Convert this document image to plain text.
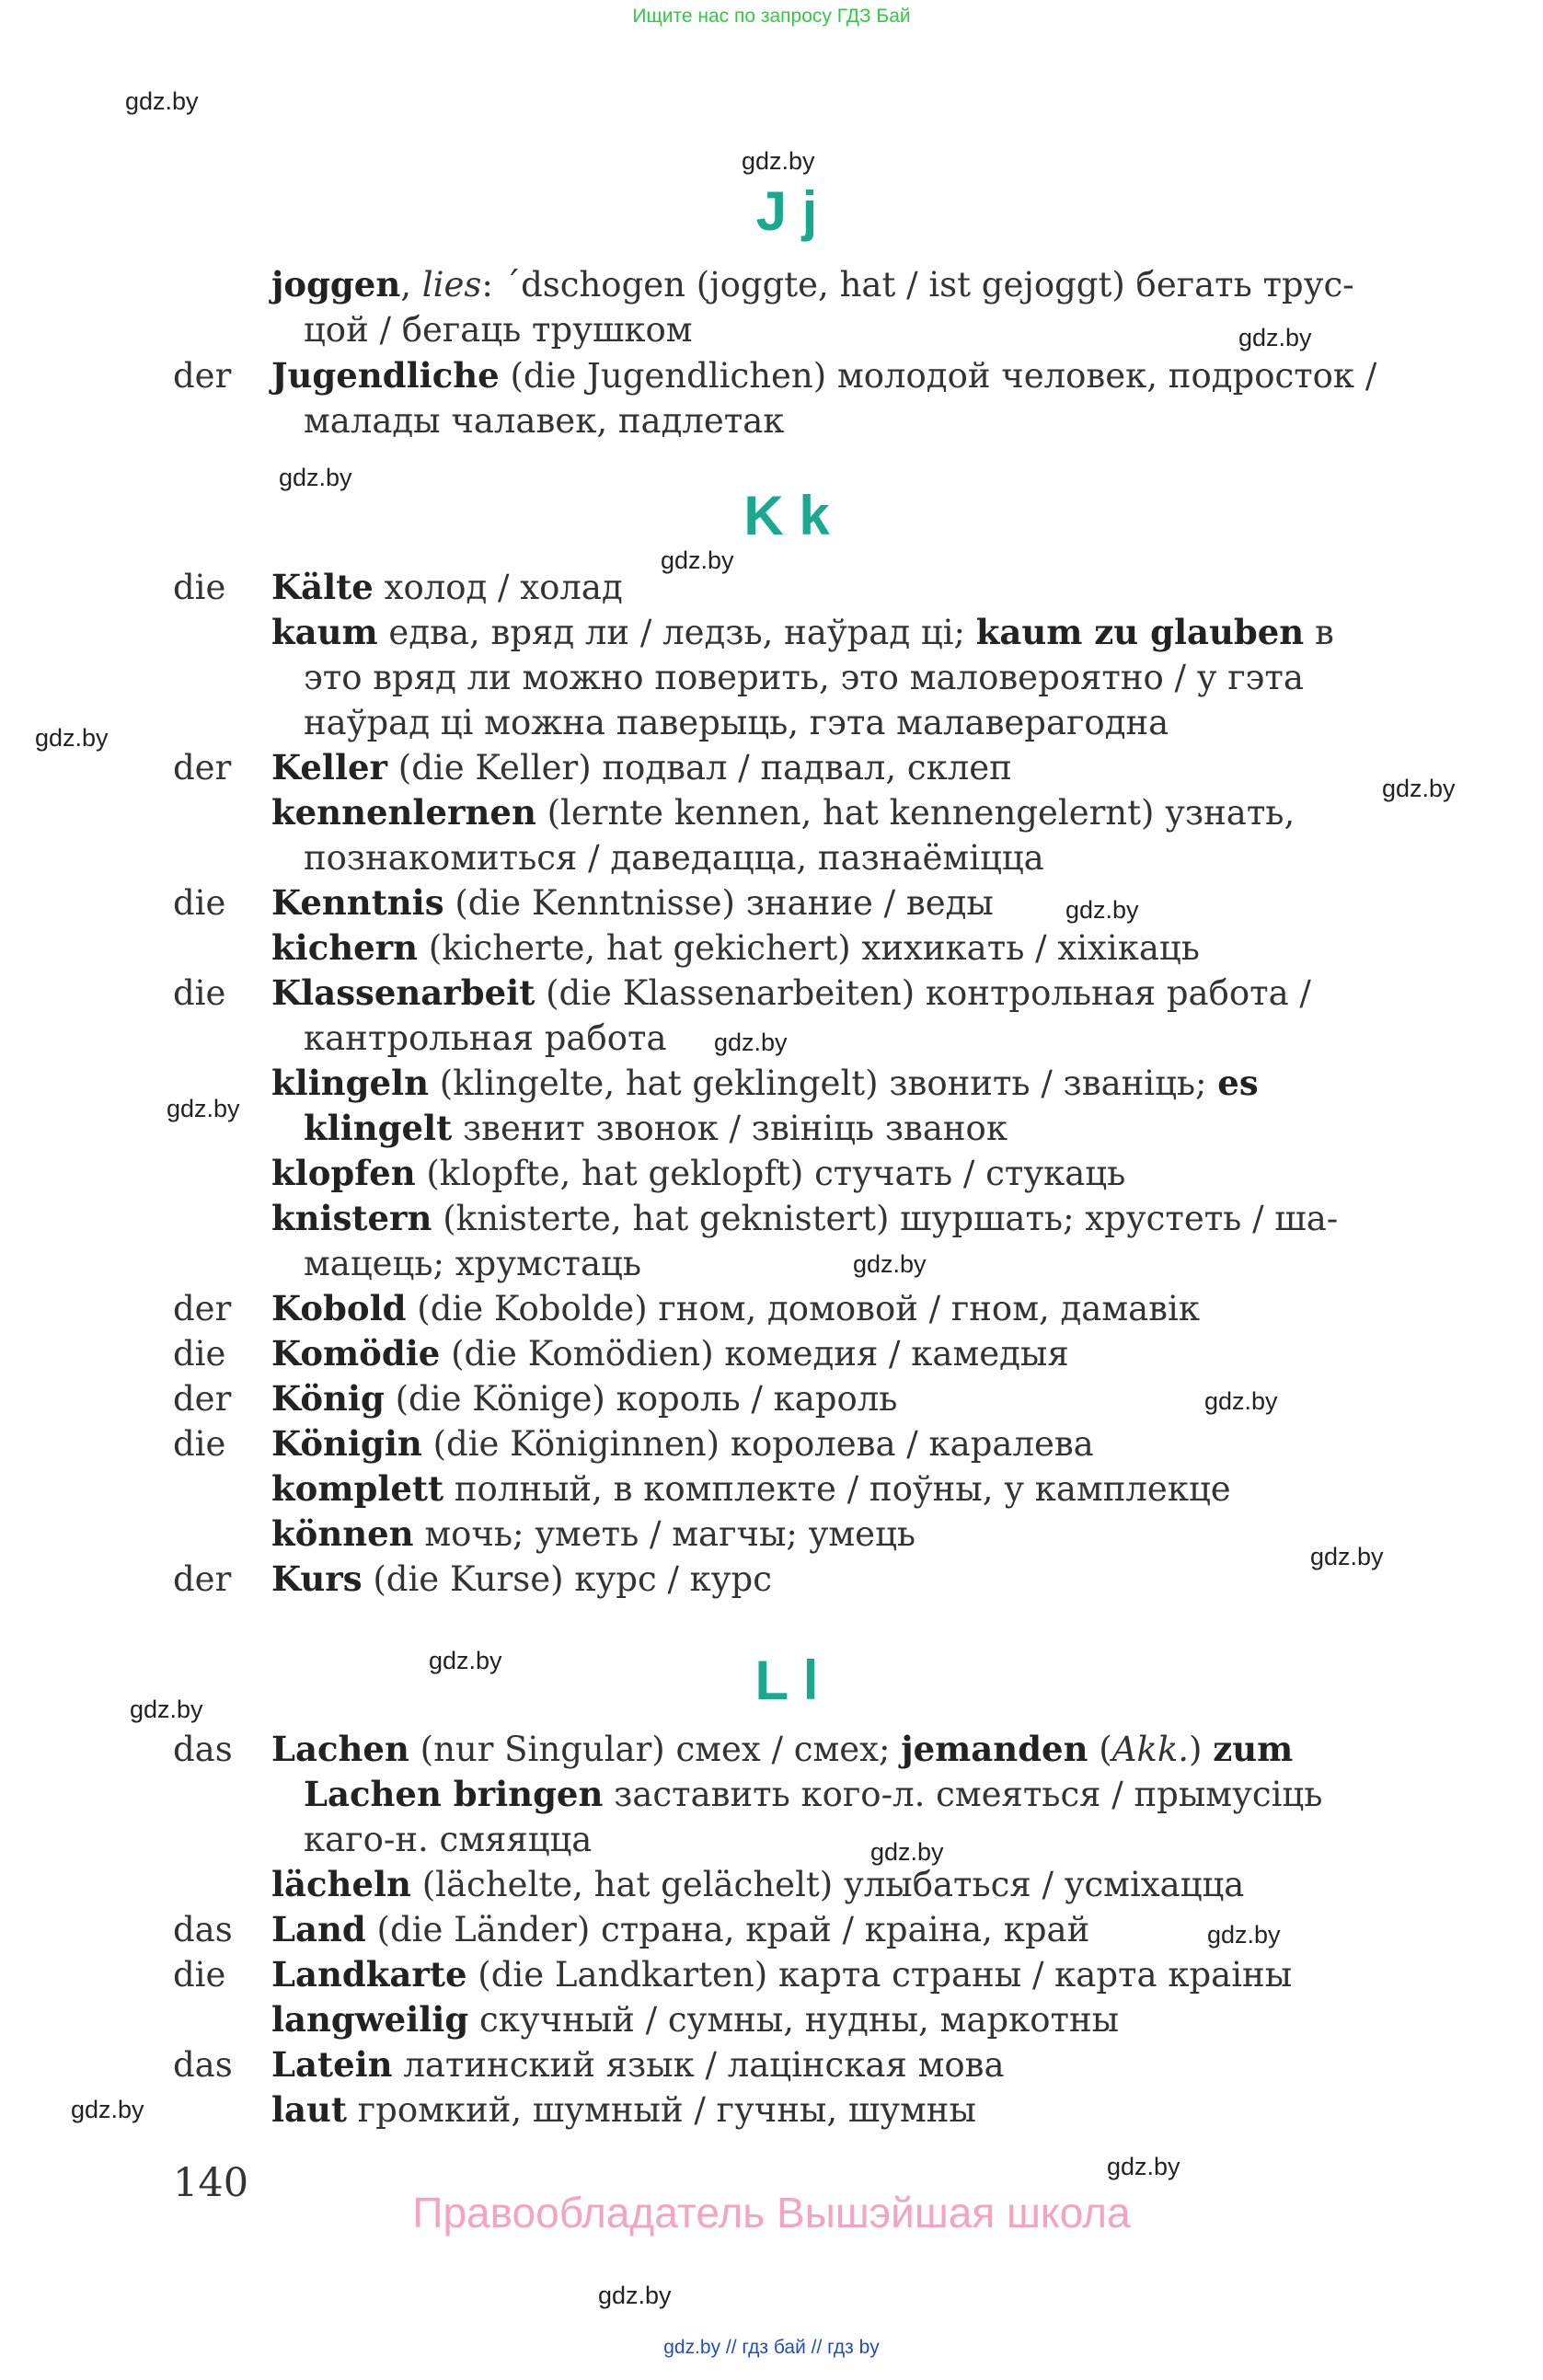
Ищите нас по запросу ГДЗ Бай
gdz.by
gdz.by
gdz.by
gdz.by
gdz.by
gdz.by
gdz.by
gdz.by
gdz.by
gdz.by
gdz.by
gdz.by
gdz.by
gdz.by
gdz.by
gdz.by
gdz.by
gdz.by
gdz.by
gdz.by
J j
joggen, lies: ´dschogen (joggte, hat / ist gejoggt) бегать трус-
цой / бегаць трушком
der Jugendliche (die Jugendlichen) молодой человек, подросток /
малады чалавек, падлетак
K k
die Kälte холод / холад
kaum едва, вряд ли / ледзь, наўрад ці; kaum zu glauben в
это вряд ли можно поверить, это маловероятно / у гэта
наўрад ці можна паверыць, гэта малаверагодна
der Keller (die Keller) подвал / падвал, склеп
kennenlernen (lernte kennen, hat kennengelernt) узнать,
познакомиться / даведацца, пазнаёміцца
die Kenntnis (die Kenntnisse) знание / веды
kichern (kicherte, hat gekichert) хихикать / хіхікаць
die Klassenarbeit (die Klassenarbeiten) контрольная работа /
кантрольная работа
klingeln (klingelte, hat geklingelt) звонить / званіць; es
klingelt звенит звонок / звініць званок
klopfen (klopfte, hat geklopft) стучать / стукаць
knistern (knisterte, hat geknistert) шуршать; хрустеть / ша-
мацець; хрумстаць
der Kobold (die Kobolde) гном, домовой / гном, дамавік
die Komödie (die Komödien) комедия / камедыя
der König (die Könige) король / кароль
die Königin (die Königinnen) королева / каралева
komplett полный, в комплекте / поўны, у камплекце
können мочь; уметь / магчы; умець
der Kurs (die Kurse) курс / курс
L l
das Lachen (nur Singular) смех / смех; jemanden (Akk.) zum
Lachen bringen заставить кого-л. смеяться / прымусіць
каго-н. смяяцца
lächeln (lächelte, hat gelächelt) улыбаться / усміхацца
das Land (die Länder) страна, край / краіна, край
die Landkarte (die Landkarten) карта страны / карта краіны
langweilig скучный / сумны, нудны, маркотны
das Latein латинский язык / лацінская мова
laut громкий, шумный / гучны, шумны
140
Правообладатель Вышэйшая школа
gdz.by // гдз бай // гдз by
